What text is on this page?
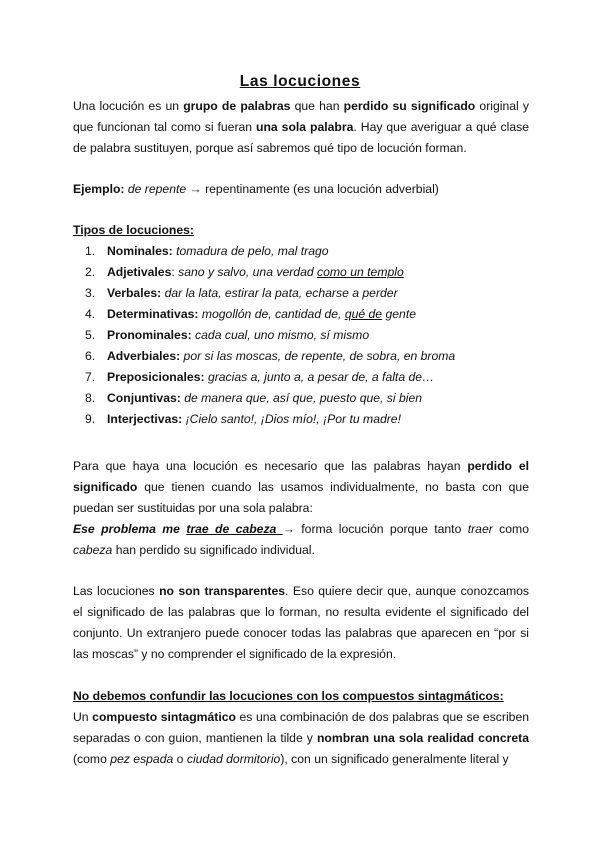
Las locuciones
Una locución es un grupo de palabras que han perdido su significado original y que funcionan tal como si fueran una sola palabra. Hay que averiguar a qué clase de palabra sustituyen, porque así sabremos qué tipo de locución forman.
Ejemplo: de repente → repentinamente (es una locución adverbial)
Tipos de locuciones:
1. Nominales: tomadura de pelo, mal trago
2. Adjetivales: sano y salvo, una verdad como un templo
3. Verbales: dar la lata, estirar la pata, echarse a perder
4. Determinativas: mogollón de, cantidad de, qué de gente
5. Pronominales: cada cual, uno mismo, sí mismo
6. Adverbiales: por si las moscas, de repente, de sobra, en broma
7. Preposicionales: gracias a, junto a, a pesar de, a falta de…
8. Conjuntivas: de manera que, así que, puesto que, si bien
9. Interjectivas: ¡Cielo santo!, ¡Dios mío!, ¡Por tu madre!
Para que haya una locución es necesario que las palabras hayan perdido el significado que tienen cuando las usamos individualmente, no basta con que puedan ser sustituidas por una sola palabra:
Ese problema me trae de cabeza → forma locución porque tanto traer como cabeza han perdido su significado individual.
Las locuciones no son transparentes. Eso quiere decir que, aunque conozcamos el significado de las palabras que lo forman, no resulta evidente el significado del conjunto. Un extranjero puede conocer todas las palabras que aparecen en “por si las moscas” y no comprender el significado de la expresión.
No debemos confundir las locuciones con los compuestos sintagmáticos:
Un compuesto sintagmático es una combinación de dos palabras que se escriben separadas o con guion, mantienen la tilde y nombran una sola realidad concreta (como pez espada o ciudad dormitorio), con un significado generalmente literal y
